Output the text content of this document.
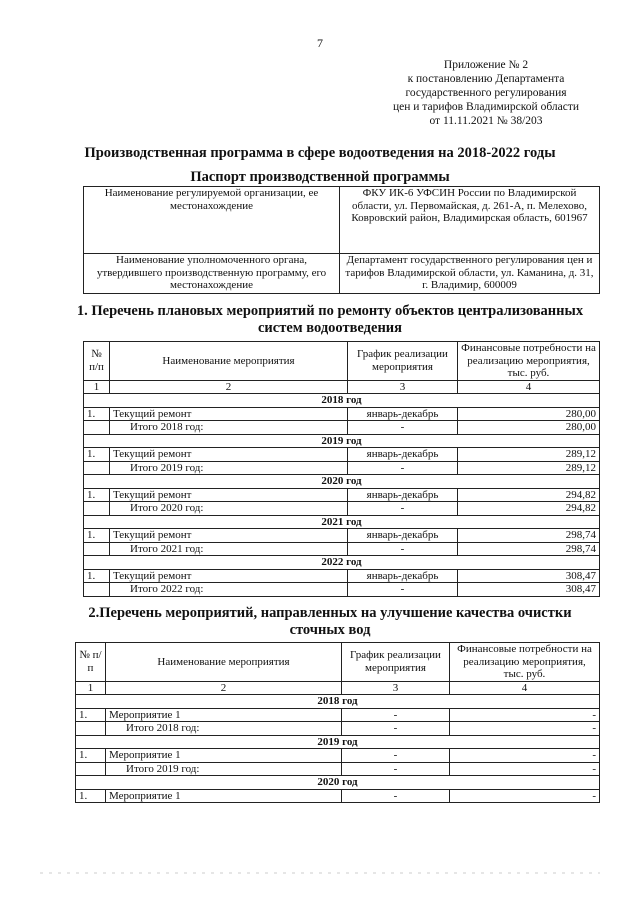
7
Приложение № 2
к постановлению Департамента
государственного регулирования
цен и тарифов Владимирской области
от 11.11.2021 № 38/203
Производственная программа в сфере водоотведения на 2018-2022 годы
Паспорт производственной программы
Наименование регулируемой организации, ее местонахождение	ФКУ ИК-6 УФСИН России по Владимирской области, ул. Первомайская, д. 261-А, п. Мелехово, Ковровский район, Владимирская область, 601967
Наименование уполномоченного органа, утвердившего производственную программу, его местонахождение	Департамент государственного регулирования цен и тарифов Владимирской области, ул. Каманина, д. 31, г. Владимир, 600009
1. Перечень плановых мероприятий по ремонту объектов централизованных систем водоотведения
№ п/п	Наименование мероприятия	График реализации мероприятия	Финансовые потребности на реализацию мероприятия, тыс. руб.
1	2	3	4
2018 год			
1.	Текущий ремонт	январь-декабрь	280,00
	Итого 2018 год:	-	280,00
2019 год			
1.	Текущий ремонт	январь-декабрь	289,12
	Итого 2019 год:	-	289,12
2020 год			
1.	Текущий ремонт	январь-декабрь	294,82
	Итого 2020 год:	-	294,82
2021 год			
1.	Текущий ремонт	январь-декабрь	298,74
	Итого 2021 год:	-	298,74
2022 год			
1.	Текущий ремонт	январь-декабрь	308,47
	Итого 2022 год:	-	308,47
2.Перечень мероприятий, направленных на улучшение качества очистки сточных вод
№ п/п	Наименование мероприятия	График реализации мероприятия	Финансовые потребности на реализацию мероприятия, тыс. руб.
1	2	3	4
2018 год			
1.	Мероприятие 1	-	-
	Итого 2018 год:	-	-
2019 год			
1.	Мероприятие 1	-	-
	Итого 2019 год:	-	-
2020 год			
1.	Мероприятие 1	-	-
